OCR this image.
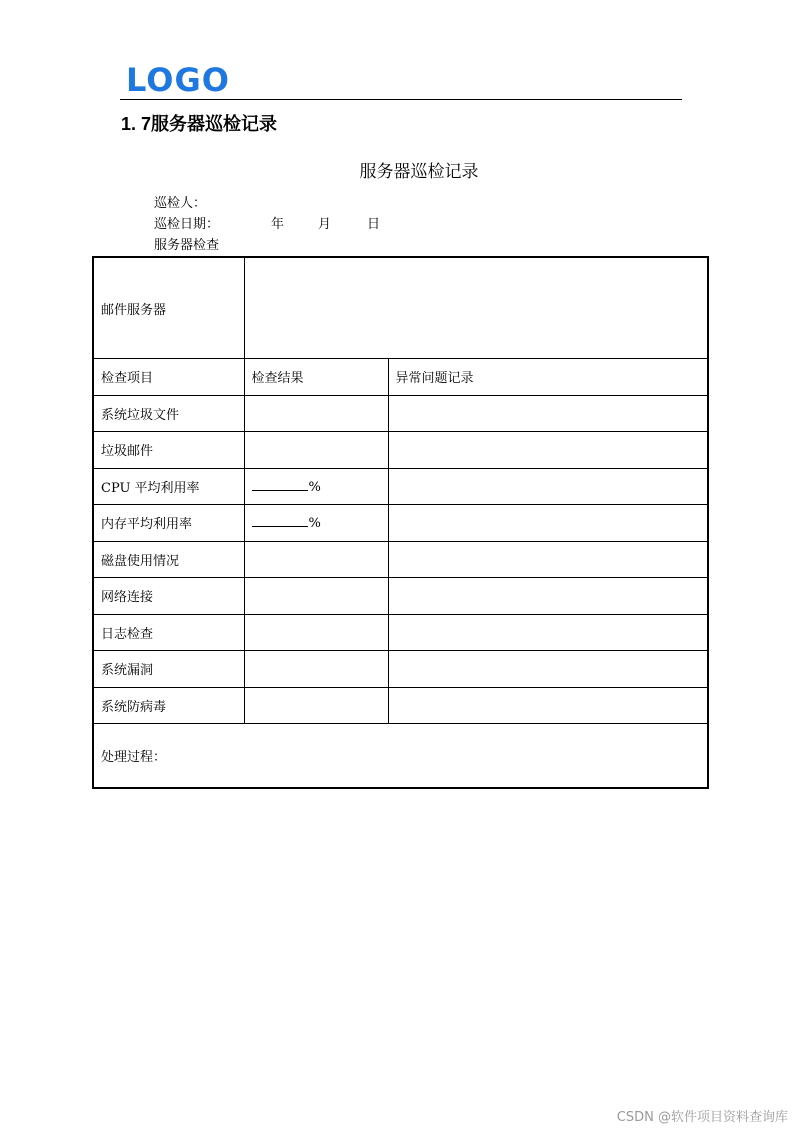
LOGO
1. 7服务器巡检记录
服务器巡检记录
巡检人：
巡检日期：	年	月	日
服务器检查
邮件服务器		
检查项目	检查结果	异常问题记录
系统垃圾文件		
垃圾邮件		
CPU 平均利用率	%	
内存平均利用率	%	
磁盘使用情况		
网络连接		
日志检查		
系统漏洞		
系统防病毒		
处理过程：		
CSDN @软件项目资料查询库
